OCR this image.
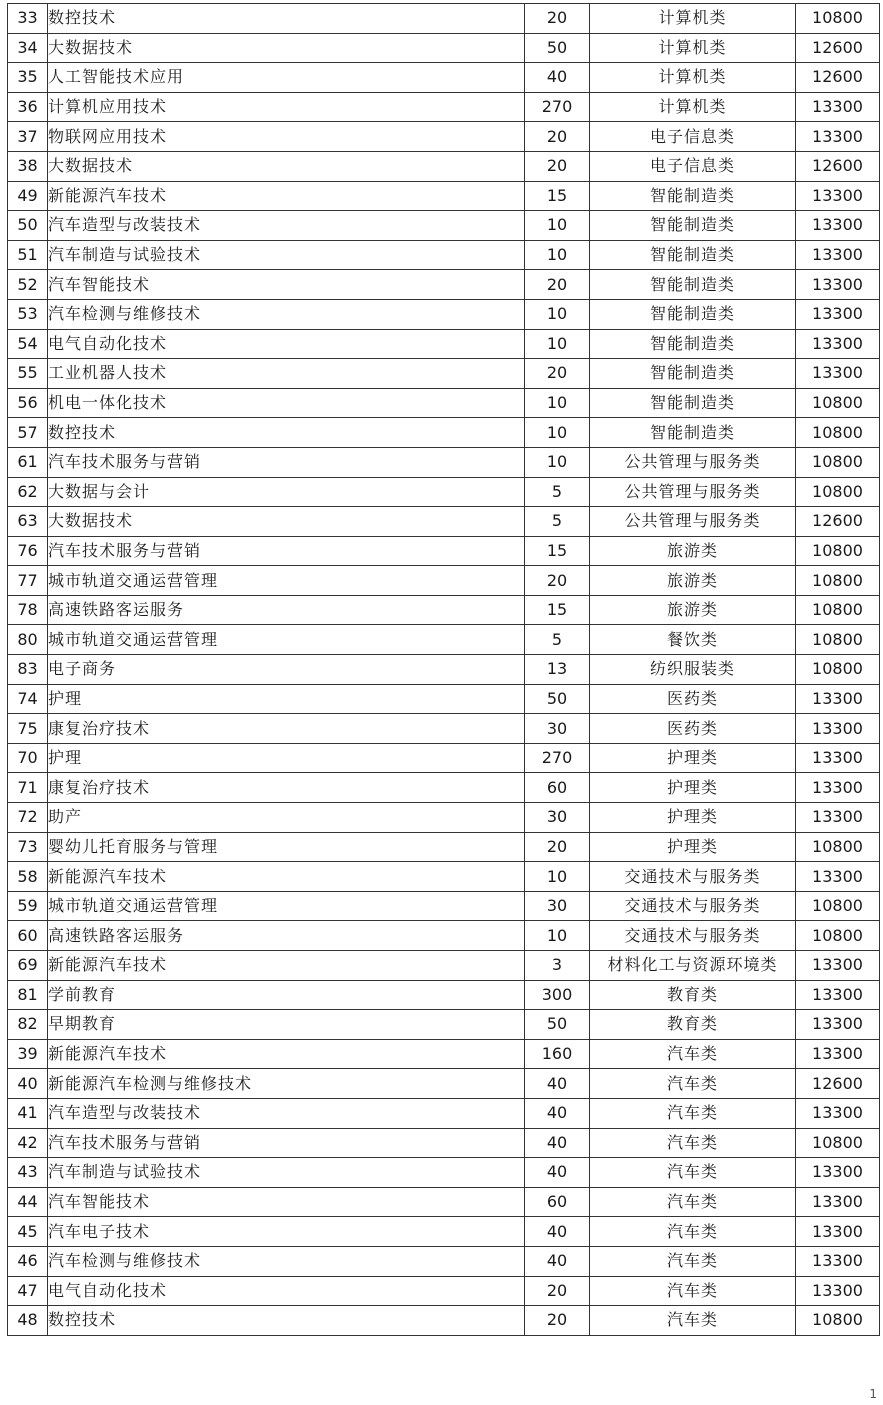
33	数控技术	20	计算机类	10800
34	大数据技术	50	计算机类	12600
35	人工智能技术应用	40	计算机类	12600
36	计算机应用技术	270	计算机类	13300
37	物联网应用技术	20	电子信息类	13300
38	大数据技术	20	电子信息类	12600
49	新能源汽车技术	15	智能制造类	13300
50	汽车造型与改装技术	10	智能制造类	13300
51	汽车制造与试验技术	10	智能制造类	13300
52	汽车智能技术	20	智能制造类	13300
53	汽车检测与维修技术	10	智能制造类	13300
54	电气自动化技术	10	智能制造类	13300
55	工业机器人技术	20	智能制造类	13300
56	机电一体化技术	10	智能制造类	10800
57	数控技术	10	智能制造类	10800
61	汽车技术服务与营销	10	公共管理与服务类	10800
62	大数据与会计	5	公共管理与服务类	10800
63	大数据技术	5	公共管理与服务类	12600
76	汽车技术服务与营销	15	旅游类	10800
77	城市轨道交通运营管理	20	旅游类	10800
78	高速铁路客运服务	15	旅游类	10800
80	城市轨道交通运营管理	5	餐饮类	10800
83	电子商务	13	纺织服装类	10800
74	护理	50	医药类	13300
75	康复治疗技术	30	医药类	13300
70	护理	270	护理类	13300
71	康复治疗技术	60	护理类	13300
72	助产	30	护理类	13300
73	婴幼儿托育服务与管理	20	护理类	10800
58	新能源汽车技术	10	交通技术与服务类	13300
59	城市轨道交通运营管理	30	交通技术与服务类	10800
60	高速铁路客运服务	10	交通技术与服务类	10800
69	新能源汽车技术	3	材料化工与资源环境类	13300
81	学前教育	300	教育类	13300
82	早期教育	50	教育类	13300
39	新能源汽车技术	160	汽车类	13300
40	新能源汽车检测与维修技术	40	汽车类	12600
41	汽车造型与改装技术	40	汽车类	13300
42	汽车技术服务与营销	40	汽车类	10800
43	汽车制造与试验技术	40	汽车类	13300
44	汽车智能技术	60	汽车类	13300
45	汽车电子技术	40	汽车类	13300
46	汽车检测与维修技术	40	汽车类	13300
47	电气自动化技术	20	汽车类	13300
48	数控技术	20	汽车类	10800
1
